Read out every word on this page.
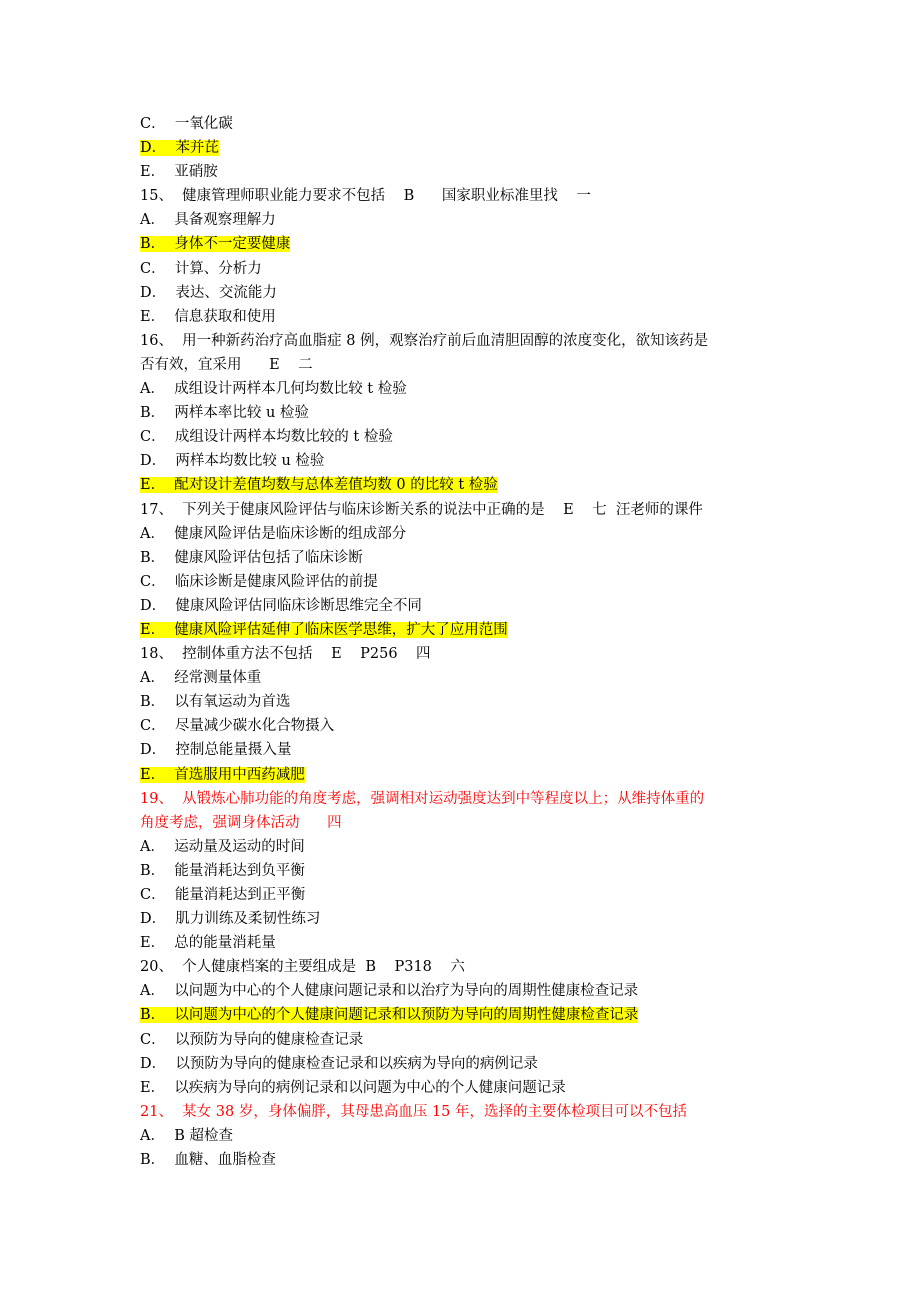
C．  一氧化碳
D．  苯并芘
E．  亚硝胺
15、  健康管理师职业能力要求不包括    B      国家职业标准里找    一
A．  具备观察理解力
B．  身体不一定要健康
C．  计算、分析力
D．  表达、交流能力
E．  信息获取和使用
16、  用一种新药治疗高血脂症 8 例，观察治疗前后血清胆固醇的浓度变化，欲知该药是
否有效，宜采用      E    二
A．  成组设计两样本几何均数比较 t 检验
B．  两样本率比较 u 检验
C．  成组设计两样本均数比较的 t 检验
D．  两样本均数比较 u 检验
E．  配对设计差值均数与总体差值均数 0 的比较 t 检验
17、  下列关于健康风险评估与临床诊断关系的说法中正确的是    E    七  汪老师的课件
A．  健康风险评估是临床诊断的组成部分
B．  健康风险评估包括了临床诊断
C．  临床诊断是健康风险评估的前提
D．  健康风险评估同临床诊断思维完全不同
E．  健康风险评估延伸了临床医学思维，扩大了应用范围
18、  控制体重方法不包括    E    P256    四
A．  经常测量体重
B．  以有氧运动为首选
C．  尽量减少碳水化合物摄入
D．  控制总能量摄入量
E．  首选服用中西药减肥
19、  从锻炼心肺功能的角度考虑，强调相对运动强度达到中等程度以上；从维持体重的
角度考虑，强调身体活动      四
A．  运动量及运动的时间
B．  能量消耗达到负平衡
C．  能量消耗达到正平衡
D．  肌力训练及柔韧性练习
E．  总的能量消耗量
20、  个人健康档案的主要组成是  B    P318    六
A．  以问题为中心的个人健康问题记录和以治疗为导向的周期性健康检查记录
B．  以问题为中心的个人健康问题记录和以预防为导向的周期性健康检查记录
C．  以预防为导向的健康检查记录
D．  以预防为导向的健康检查记录和以疾病为导向的病例记录
E．  以疾病为导向的病例记录和以问题为中心的个人健康问题记录
21、  某女 38 岁，身体偏胖，其母患高血压 15 年，选择的主要体检项目可以不包括
A．  B 超检查
B．  血糖、血脂检查
